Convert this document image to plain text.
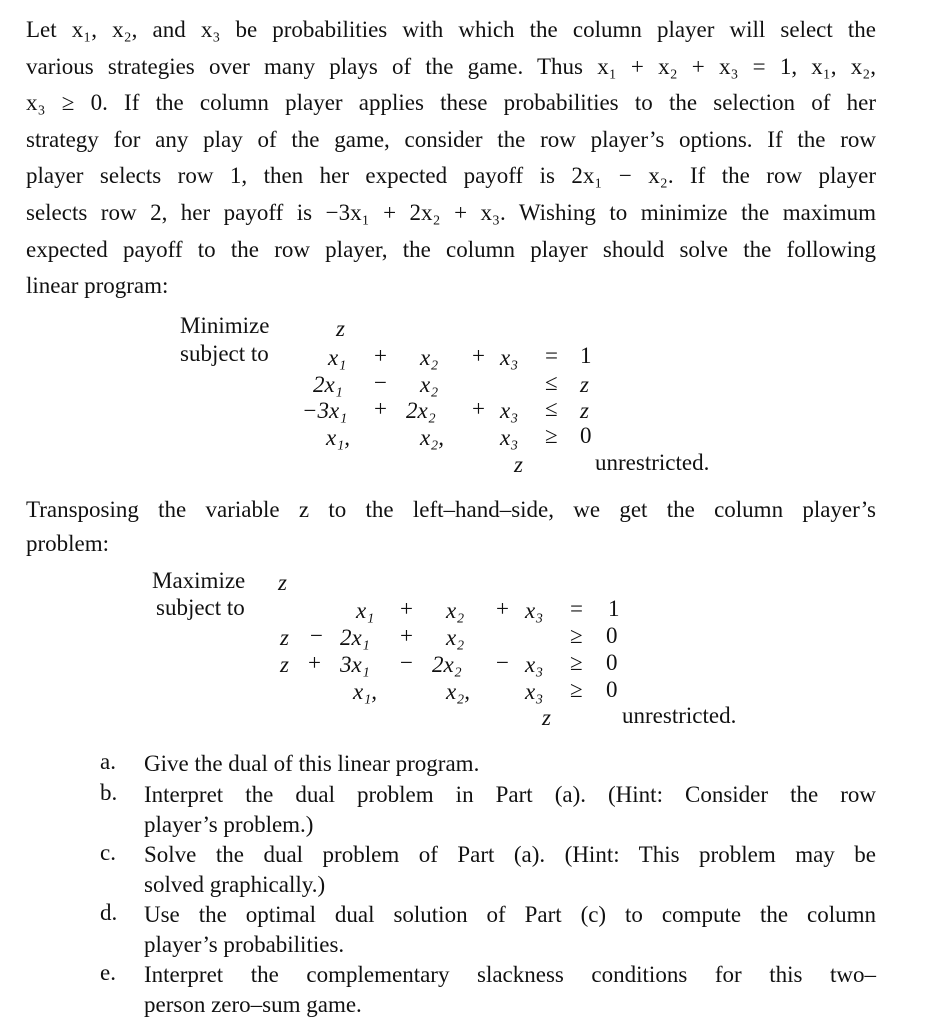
Let x₁, x₂, and x₃ be probabilities with which the column player will select the
various strategies over many plays of the game. Thus x₁ + x₂ + x₃ = 1, x₁, x₂,
x₃ ≥ 0. If the column player applies these probabilities to the selection of her
strategy for any play of the game, consider the row player’s options. If the row
player selects row 1, then her expected payoff is 2x₁ − x₂. If the row player
selects row 2, her payoff is −3x₁ + 2x₂ + x₃. Wishing to minimize the maximum
expected payoff to the row player, the column player should solve the following
linear program:
Minimize	z
subject to	x₁ + x₂ + x₃ = 1
2x₁ − x₂	≤ z
−3x₁ + 2x₂ + x₃ ≤ z
x₁,	x₂, x₃ ≥ 0
z	unrestricted.
Transposing the variable z to the left–hand–side, we get the column player’s
problem:
Maximize z
subject to	x₁ + x₂ + x₃ = 1
z − 2x₁ + x₂	≥ 0
z + 3x₁ − 2x₂ − x₃ ≥ 0
x₁,	x₂, x₃ ≥ 0
z	unrestricted.
a. Give the dual of this linear program.
b. Interpret the dual problem in Part (a). (Hint: Consider the row
player’s problem.)
c. Solve the dual problem of Part (a). (Hint: This problem may be
solved graphically.)
d. Use the optimal dual solution of Part (c) to compute the column
player’s probabilities.
e. Interpret the complementary slackness conditions for this two–
person zero–sum game.
